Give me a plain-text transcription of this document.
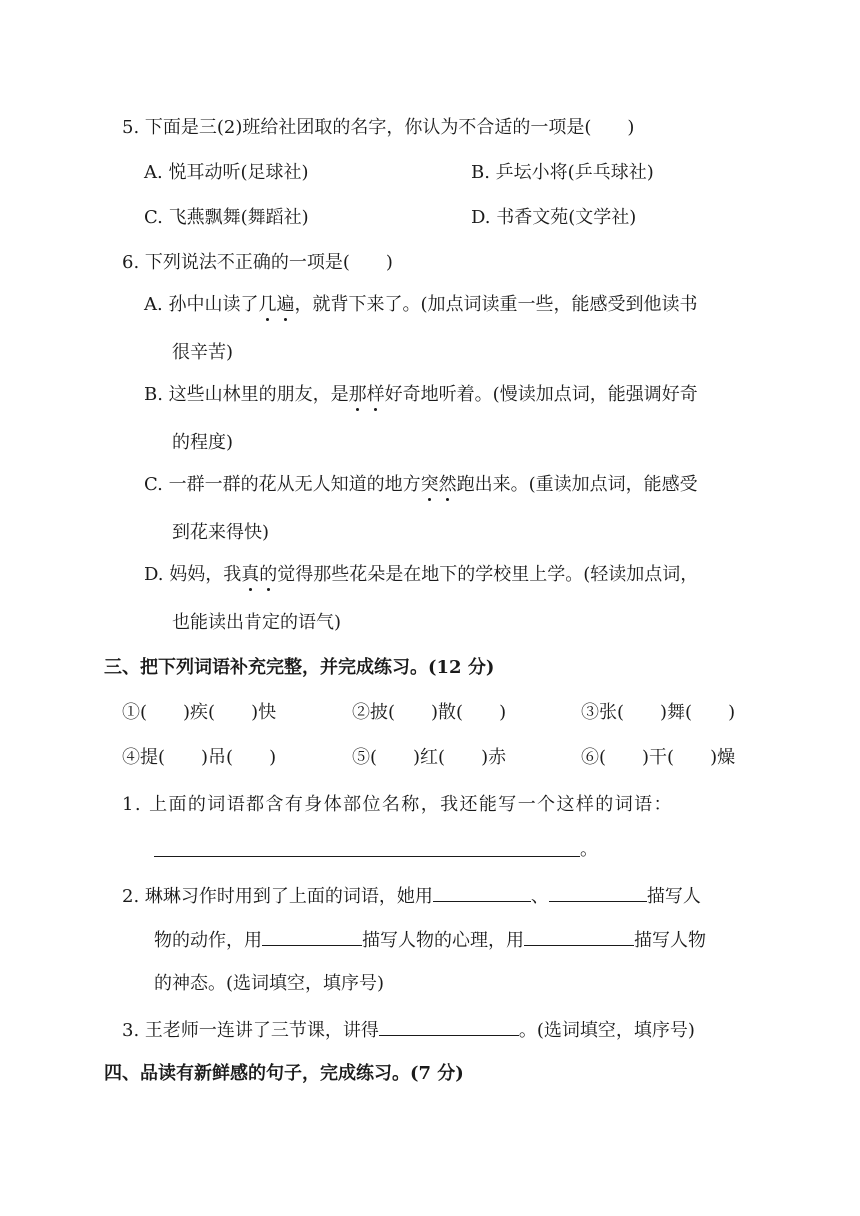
5. 下面是三(2)班给社团取的名字，你认为不合适的一项是(　　)
A. 悦耳动听(足球社)	B. 乒坛小将(乒乓球社)
C. 飞燕飘舞(舞蹈社)	D. 书香文苑(文学社)
6. 下列说法不正确的一项是(　　)
A. 孙中山读了几遍，就背下来了。(加点词读重一些，能感受到他读书
很辛苦)
B. 这些山林里的朋友，是那样好奇地听着。(慢读加点词，能强调好奇
的程度)
C. 一群一群的花从无人知道的地方突然跑出来。(重读加点词，能感受
到花来得快)
D. 妈妈，我真的觉得那些花朵是在地下的学校里上学。(轻读加点词，
也能读出肯定的语气)
三、把下列词语补充完整，并完成练习。(12 分)
①(　　)疾(　　)快	②披(　　)散(　　)	③张(　　)舞(　　)
④提(　　)吊(　　)	⑤(　　)红(　　)赤	⑥(　　)干(　　)燥
1. 上面的词语都含有身体部位名称，我还能写一个这样的词语：
。
2. 琳琳习作时用到了上面的词语，她用	、	描写人
物的动作，用	描写人物的心理，用	描写人物
的神态。(选词填空，填序号)
3. 王老师一连讲了三节课，讲得	。(选词填空，填序号)
四、品读有新鲜感的句子，完成练习。(7 分)
